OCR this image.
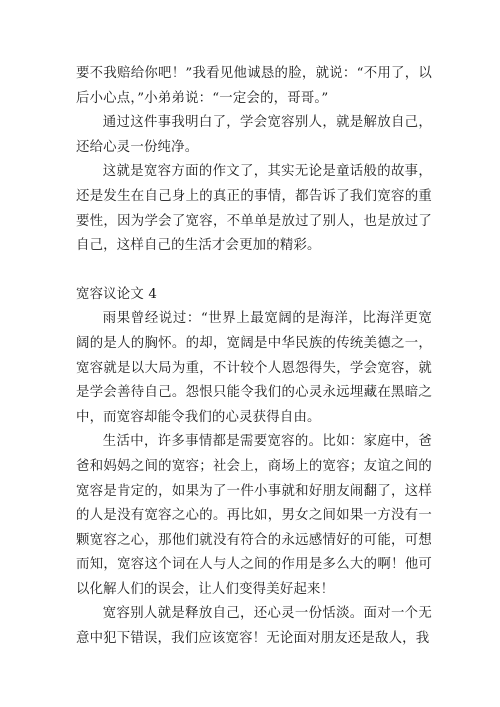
要不我赔给你吧！”我看见他诚恳的脸，就说：“不用了，以后小心点，”小弟弟说：“一定会的，哥哥。”

通过这件事我明白了，学会宽容别人，就是解放自己，还给心灵一份纯净。

这就是宽容方面的作文了，其实无论是童话般的故事，还是发生在自己身上的真正的事情，都告诉了我们宽容的重要性，因为学会了宽容，不单单是放过了别人，也是放过了自己，这样自己的生活才会更加的精彩。

宽容议论文 4

雨果曾经说过：“世界上最宽阔的是海洋，比海洋更宽阔的是人的胸怀。的却，宽阔是中华民族的传统美德之一，宽容就是以大局为重，不计较个人恩怨得失，学会宽容，就是学会善待自己。怨恨只能令我们的心灵永远埋藏在黑暗之中，而宽容却能令我们的心灵获得自由。

生活中，许多事情都是需要宽容的。比如：家庭中，爸爸和妈妈之间的宽容；社会上，商场上的宽容；友谊之间的宽容是肯定的，如果为了一件小事就和好朋友闹翻了，这样的人是没有宽容之心的。再比如，男女之间如果一方没有一颗宽容之心，那他们就没有符合的永远感情好的可能，可想而知，宽容这个词在人与人之间的作用是多么大的啊！他可以化解人们的误会，让人们变得美好起来！

宽容别人就是释放自己，还心灵一份恬淡。面对一个无意中犯下错误，我们应该宽容！无论面对朋友还是敌人，我
